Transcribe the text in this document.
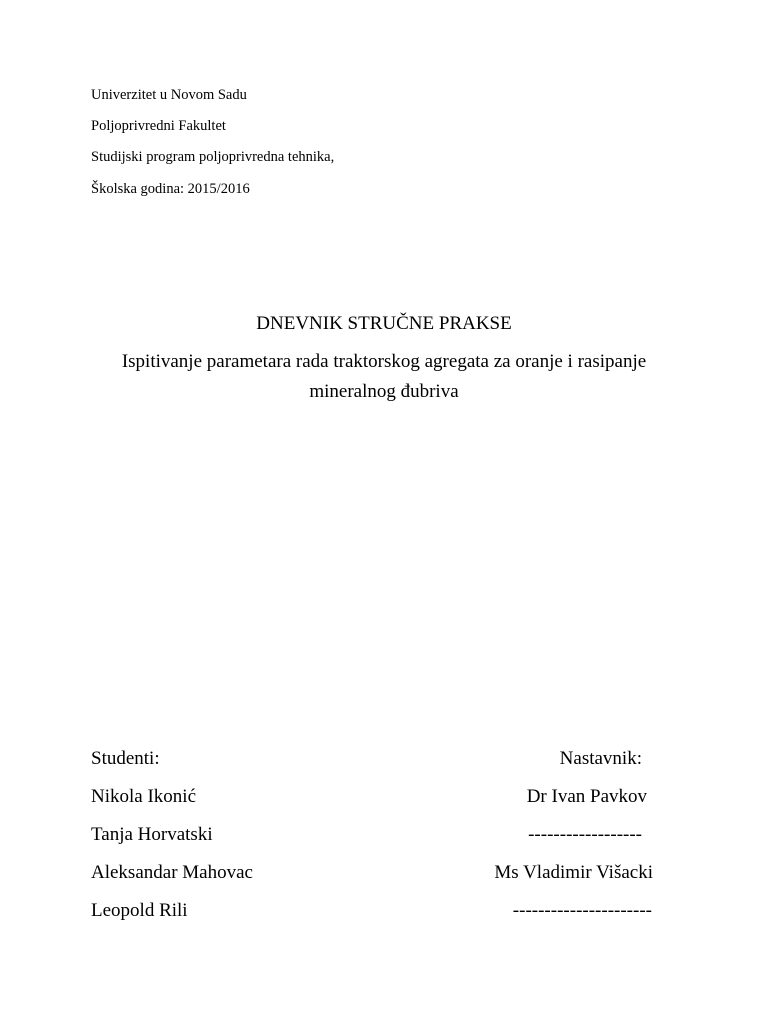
Univerzitet u Novom Sadu
Poljoprivredni Fakultet
Studijski program poljoprivredna tehnika,
Školska godina: 2015/2016
DNEVNIK STRUČNE PRAKSE
Ispitivanje parametara rada traktorskog agregata za oranje i rasipanje
mineralnog đubriva
Studenti:
Nikola Ikonić
Tanja Horvatski
Aleksandar Mahovac
Leopold Rili
Nastavnik:
Dr Ivan Pavkov
------------------
Ms Vladimir Višacki
----------------------
